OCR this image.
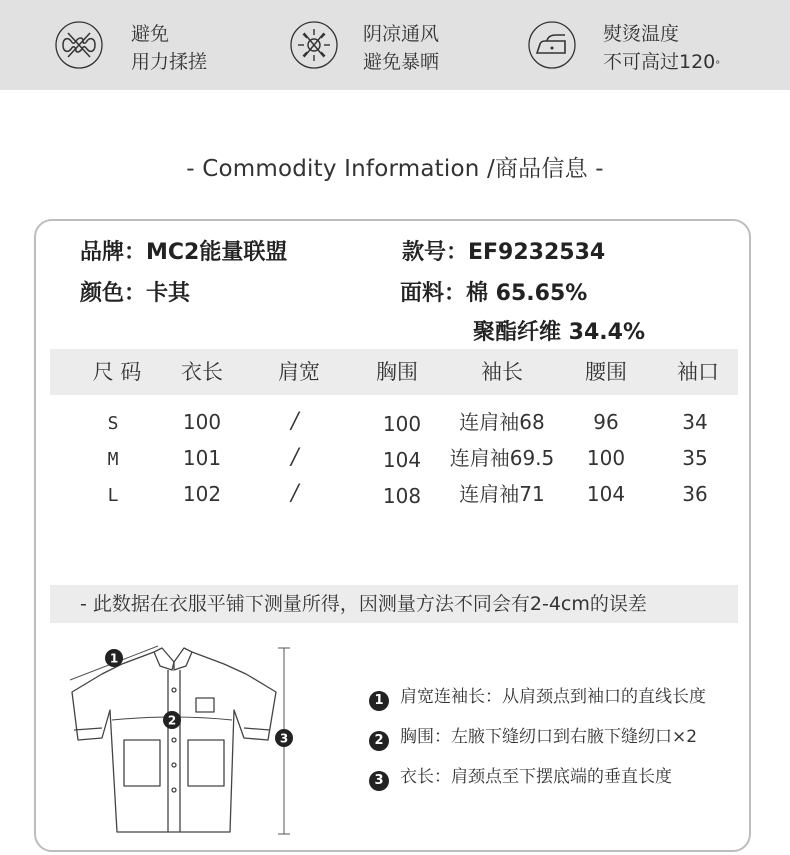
避免
用力揉搓
阴凉通风
避免暴晒
熨烫温度
不可高过120°
- Commodity Information /商品信息 -
品牌：MC2能量联盟	款号：EF9232534
颜色：卡其	面料：棉 65.65%
聚酯纤维 34.4%
尺 码 衣长	肩宽	胸围	袖长	腰围 袖口
S	100	/	100 连肩袖68 96	34
M	101	/	104 连肩袖69.5 100	35
L	102	/	108 连肩袖71 104	36
- 此数据在衣服平铺下测量所得，因测量方法不同会有2-4cm的误差
1
2
3
1 肩宽连袖长：从肩颈点到袖口的直线长度
2 胸围：左腋下缝纫口到右腋下缝纫口×2
3 衣长：肩颈点至下摆底端的垂直长度
